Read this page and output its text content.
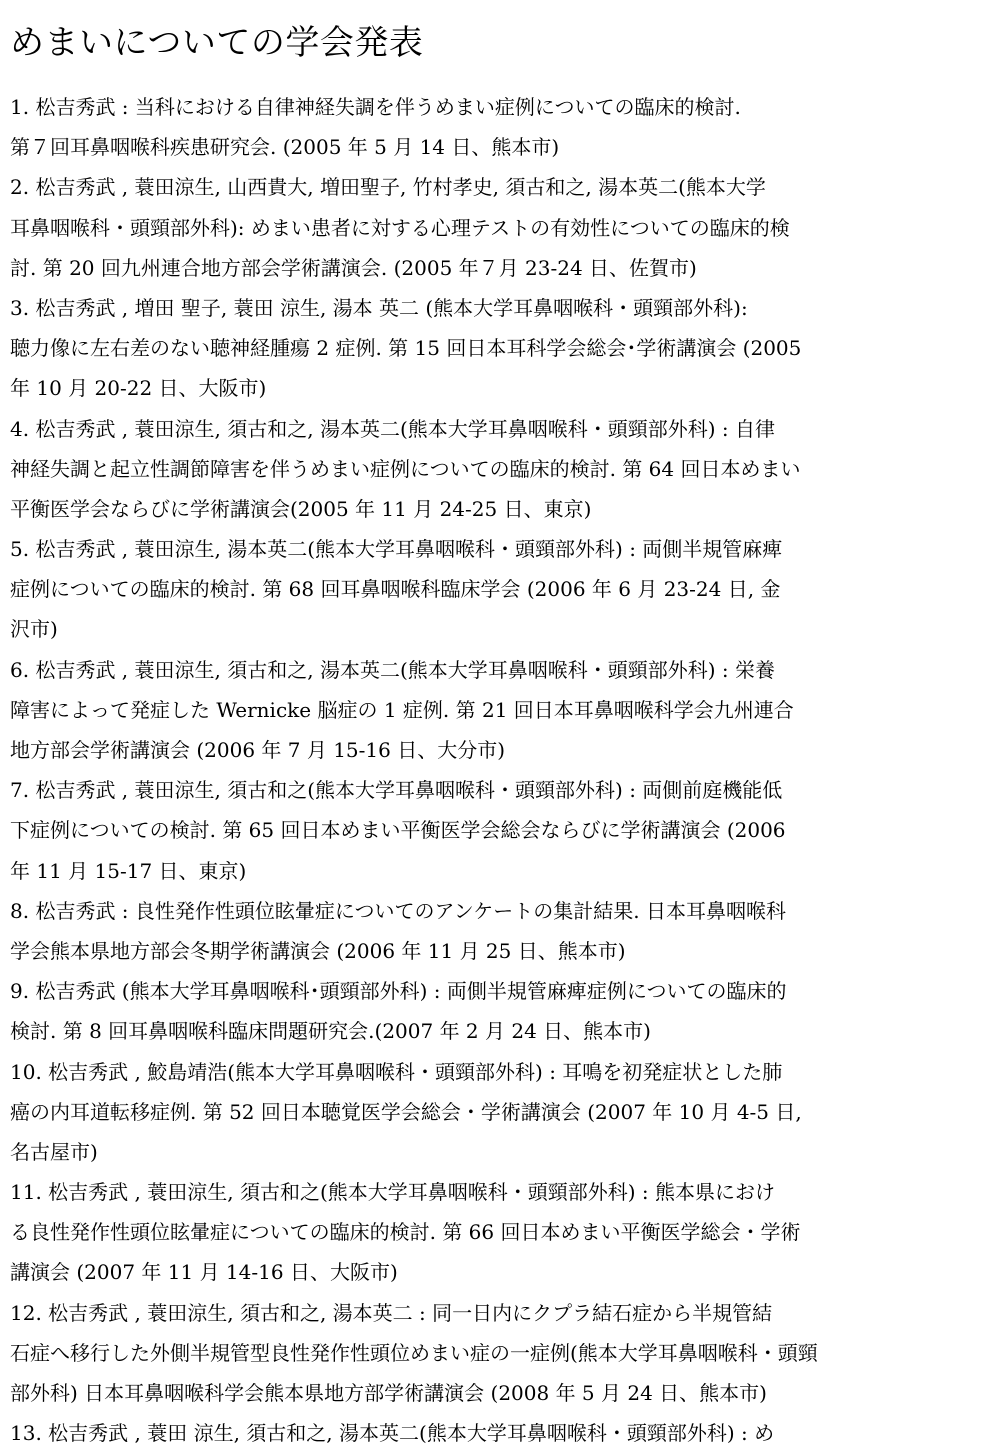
めまいについての学会発表
1. 松吉秀武 : 当科における自律神経失調を伴うめまい症例についての臨床的検討.
第７回耳鼻咽喉科疾患研究会. (2005 年 5 月 14 日、熊本市)
2. 松吉秀武 , 蓑田涼生, 山西貴大, 増田聖子, 竹村孝史, 須古和之, 湯本英二(熊本大学
耳鼻咽喉科・頭頸部外科): めまい患者に対する心理テストの有効性についての臨床的検
討. 第 20 回九州連合地方部会学術講演会. (2005 年７月 23-24 日、佐賀市)
3. 松吉秀武 , 増田 聖子, 蓑田 涼生, 湯本 英二 (熊本大学耳鼻咽喉科・頭頸部外科):
聴力像に左右差のない聴神経腫瘍 2 症例. 第 15 回日本耳科学会総会･学術講演会 (2005
年 10 月 20-22 日、大阪市)
4. 松吉秀武 , 蓑田涼生, 須古和之, 湯本英二(熊本大学耳鼻咽喉科・頭頸部外科) : 自律
神経失調と起立性調節障害を伴うめまい症例についての臨床的検討. 第 64 回日本めまい
平衡医学会ならびに学術講演会(2005 年 11 月 24-25 日、東京)
5. 松吉秀武 , 蓑田涼生, 湯本英二(熊本大学耳鼻咽喉科・頭頸部外科) : 両側半規管麻痺
症例についての臨床的検討. 第 68 回耳鼻咽喉科臨床学会 (2006 年 6 月 23-24 日, 金
沢市)
6. 松吉秀武 , 蓑田涼生, 須古和之, 湯本英二(熊本大学耳鼻咽喉科・頭頸部外科) : 栄養
障害によって発症した Wernicke 脳症の 1 症例. 第 21 回日本耳鼻咽喉科学会九州連合
地方部会学術講演会 (2006 年 7 月 15-16 日、大分市)
7. 松吉秀武 , 蓑田涼生, 須古和之(熊本大学耳鼻咽喉科・頭頸部外科) : 両側前庭機能低
下症例についての検討. 第 65 回日本めまい平衡医学会総会ならびに学術講演会 (2006
年 11 月 15-17 日、東京)
8. 松吉秀武 : 良性発作性頭位眩暈症についてのアンケートの集計結果. 日本耳鼻咽喉科
学会熊本県地方部会冬期学術講演会 (2006 年 11 月 25 日、熊本市)
9. 松吉秀武 (熊本大学耳鼻咽喉科･頭頸部外科) : 両側半規管麻痺症例についての臨床的
検討. 第 8 回耳鼻咽喉科臨床問題研究会.(2007 年 2 月 24 日、熊本市)
10. 松吉秀武 , 鮫島靖浩(熊本大学耳鼻咽喉科・頭頸部外科) : 耳鳴を初発症状とした肺
癌の内耳道転移症例. 第 52 回日本聴覚医学会総会・学術講演会 (2007 年 10 月 4-5 日,
名古屋市)
11. 松吉秀武 , 蓑田涼生, 須古和之(熊本大学耳鼻咽喉科・頭頸部外科) : 熊本県におけ
る良性発作性頭位眩暈症についての臨床的検討. 第 66 回日本めまい平衡医学総会・学術
講演会 (2007 年 11 月 14-16 日、大阪市)
12. 松吉秀武 , 蓑田涼生, 須古和之, 湯本英二 : 同一日内にクプラ結石症から半規管結
石症へ移行した外側半規管型良性発作性頭位めまい症の一症例(熊本大学耳鼻咽喉科・頭頸
部外科) 日本耳鼻咽喉科学会熊本県地方部学術講演会 (2008 年 5 月 24 日、熊本市)
13. 松吉秀武 , 蓑田 涼生, 須古和之, 湯本英二(熊本大学耳鼻咽喉科・頭頸部外科) : め
